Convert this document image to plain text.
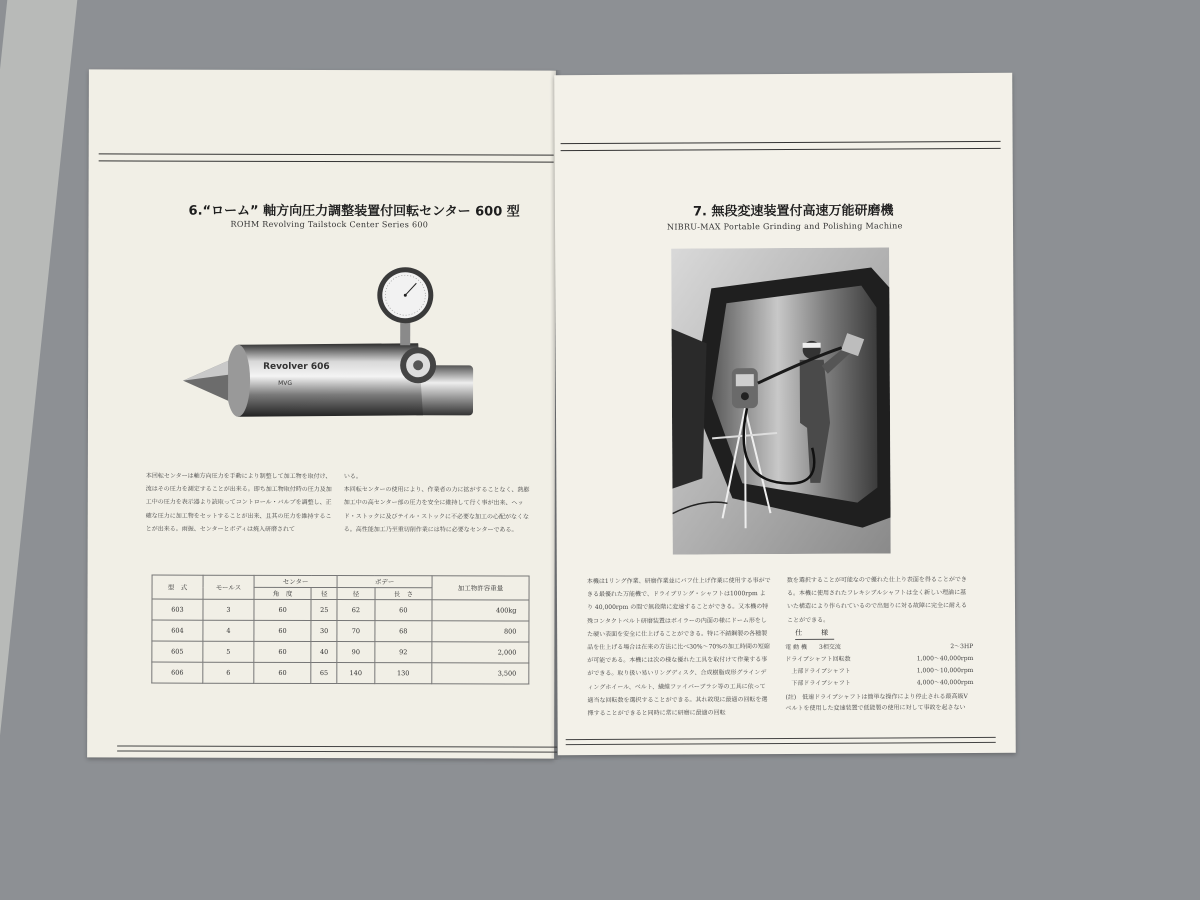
6.“ローム” 軸方向圧力調整装置付回転センター 600 型
ROHM Revolving Tailstock Center Series 600
Revolver 606
MVG
本回転センターは軸方向圧力を手動により制整して加工物を取付け、流はその圧力を測定することが出来る。即ち加工物取付時の圧力及加工中の圧力を表示器より読取ってコントロール・バルブを調整し、正確な圧力に加工物をセットすることが出来、且其の圧力を維持することが出来る。雨振、センターとボディは焼入研磨されて
いる。
本回転センターの使用により、作業者の力に拡がすることなく、熱膨加工中の高センター部の圧力を安全に維持して行く事が出来、ヘッド・ストックに及びテイル・ストックに不必要な加工の心配がなくなる。高性能加工乃至重切削作業には特に必要なセンターである。
型　式	モールス	センター		ボデー		加工物許容重量
		角　度	径	径	長　さ	
603	3	60	25	62	60	400kg
604	4	60	30	70	68	800
605	5	60	40	90	92	2,000
606	6	60	65	140	130	3,500
7. 無段変速装置付高速万能研磨機
NIBRU-MAX Portable Grinding and Polishing Machine
本機は1リング作業、研磨作業並にバフ仕上げ作業に使用する事ができる最優れた万能機で、ドライブリング・シャフトは1000rpm より 40,000rpm の間で無段階に変速することができる。又本機の特殊コンタクトベルト研磨装置はボイラーの内面の様にドーム形をした硬い表面を安全に仕上げることができる。特に不錆鋼製の各種製品を仕上げる場合は在来の方法に比べ30%〜70%の加工時間の短縮が可能である。本機には次の様な優れた工具を取付けて作業する事ができる。取り扱い易いリングディスク、合成樹脂成形グラインディングホイール、ベルト、繊維ファイバーブラシ等の工具に依って適当な回転数を選択することができる。其れ故現に最適の回転を選擇することができると同時に常に研磨に最適の回転
数を選択することが可能なので優れた仕上り表面を得ることができる。本機に使用されたフレキシブルシャフトは全く新しい理論に基いた構造により作られているので出廻りに対る故障に完全に耐えることができる。
仕　様
電 動 機　　3相交流	2〜3HP
ドライブシャフト回転数	1,000〜40,000rpm
　上部ドライブシャフト	1,000〜10,000rpm
　下部ドライブシャフト	4,000〜40,000rpm
(註)　低速ドライブシャフトは簡単な操作により停止される最高級Vベルトを使用した変速装置で低能製の使用に対して事故を起さない
